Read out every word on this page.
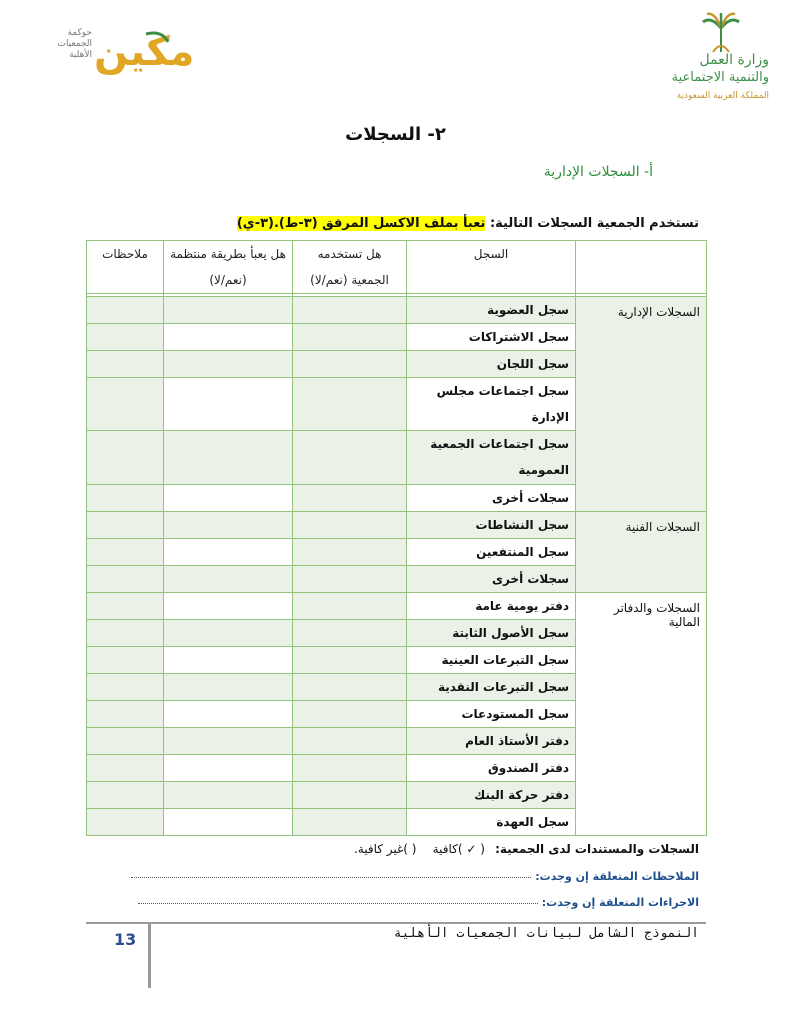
وزارة العمل
والتنمية الاجتماعية
المملكة العربية السعودية
حوكمة الجمعيات الأهلية مكين
٢- السجلات
أ- السجلات الإدارية
تستخدم الجمعية السجلات التالية: تعبأ بملف الاكسل المرفق (٣-ط).(٣-ي)
	السجل	هل تستخدمه الجمعية (نعم/لا)	هل يعبأ بطريقة منتظمة (نعم/لا)	ملاحظات

السجلات الإدارية	سجل العضوية			
	سجل الاشتراكات			
	سجل اللجان			
	سجل اجتماعات مجلس الإدارة			
	سجل اجتماعات الجمعية العمومية			
	سجلات أخرى			
السجلات الفنية	سجل النشاطات			
	سجل المنتفعين			
	سجلات أخرى			
السجلات والدفاتر المالية	دفتر يومية عامة			
	سجل الأصول الثابتة			
	سجل التبرعات العينية			
	سجل التبرعات النقدية			
	سجل المستودعات			
	دفتر الأستاذ العام			
	دفتر الصندوق			
	دفتر حركة البنك			
	سجل العهدة			
السجلات والمستندات لدى الجمعية: ( ✓ )كافية ( )غير كافية.
الملاحظات المتعلقة إن وجدت:
الاجراءات المتعلقة إن وجدت:
13	النموذج الشامل لبيانات الجمعيات الأهلية
